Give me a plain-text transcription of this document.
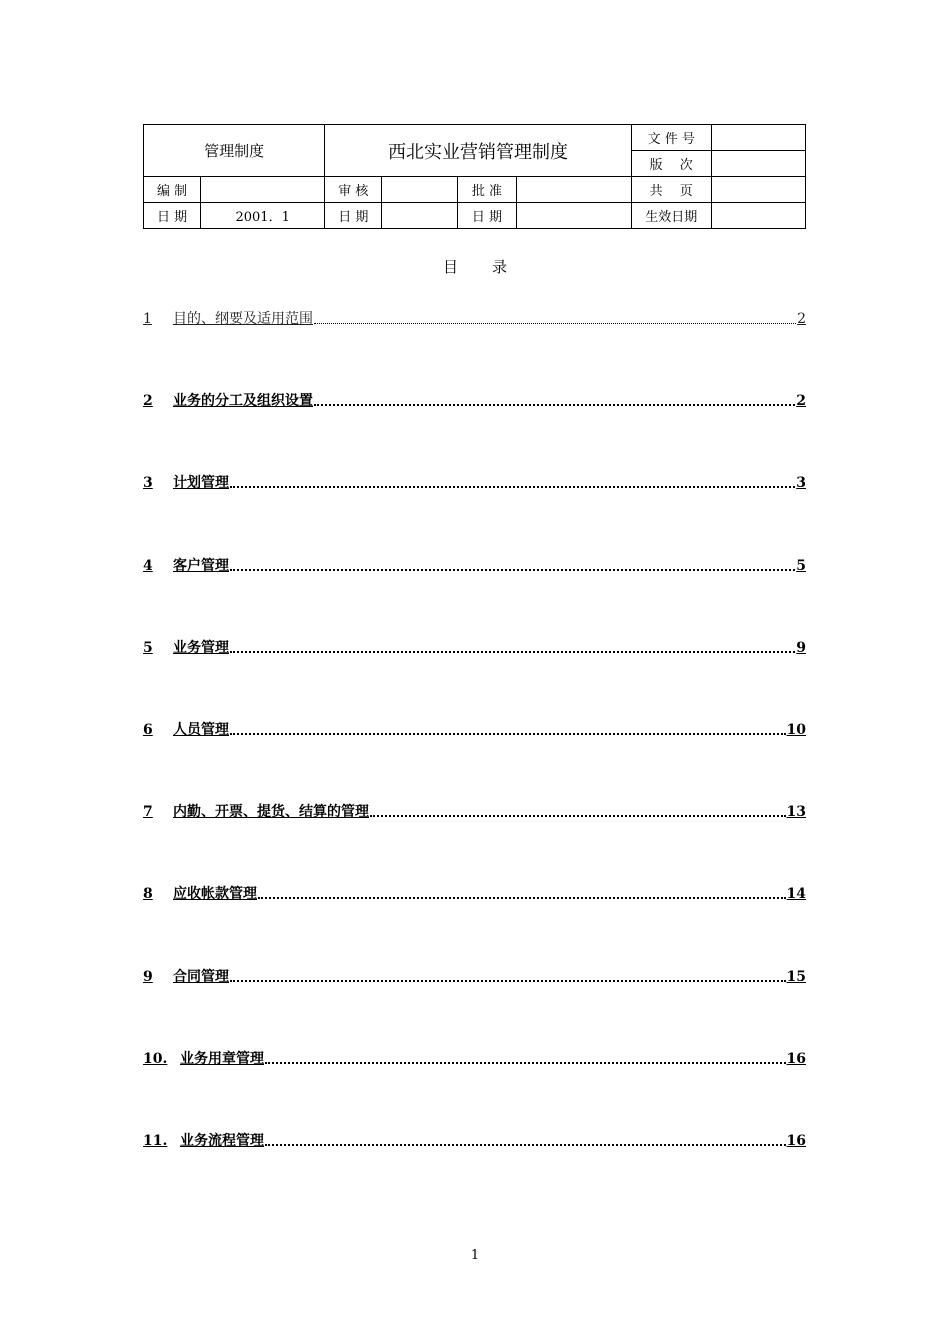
管理制度		西北实业营销管理制度				文 件 号	
						版　 次	
编 制		审 核		批 准		共　 页	
日 期	2001．1	日 期		日 期		生效日期	
目录
1	目的、纲要及适用范围	2
2	业务的分工及组织设置	2
3	计划管理	3
4	客户管理	5
5	业务管理	9
6	人员管理	10
7	内勤、开票、提货、结算的管理	13
8	应收帐款管理	14
9	合同管理	15
10. 业务用章管理	16
11. 业务流程管理	16
1
